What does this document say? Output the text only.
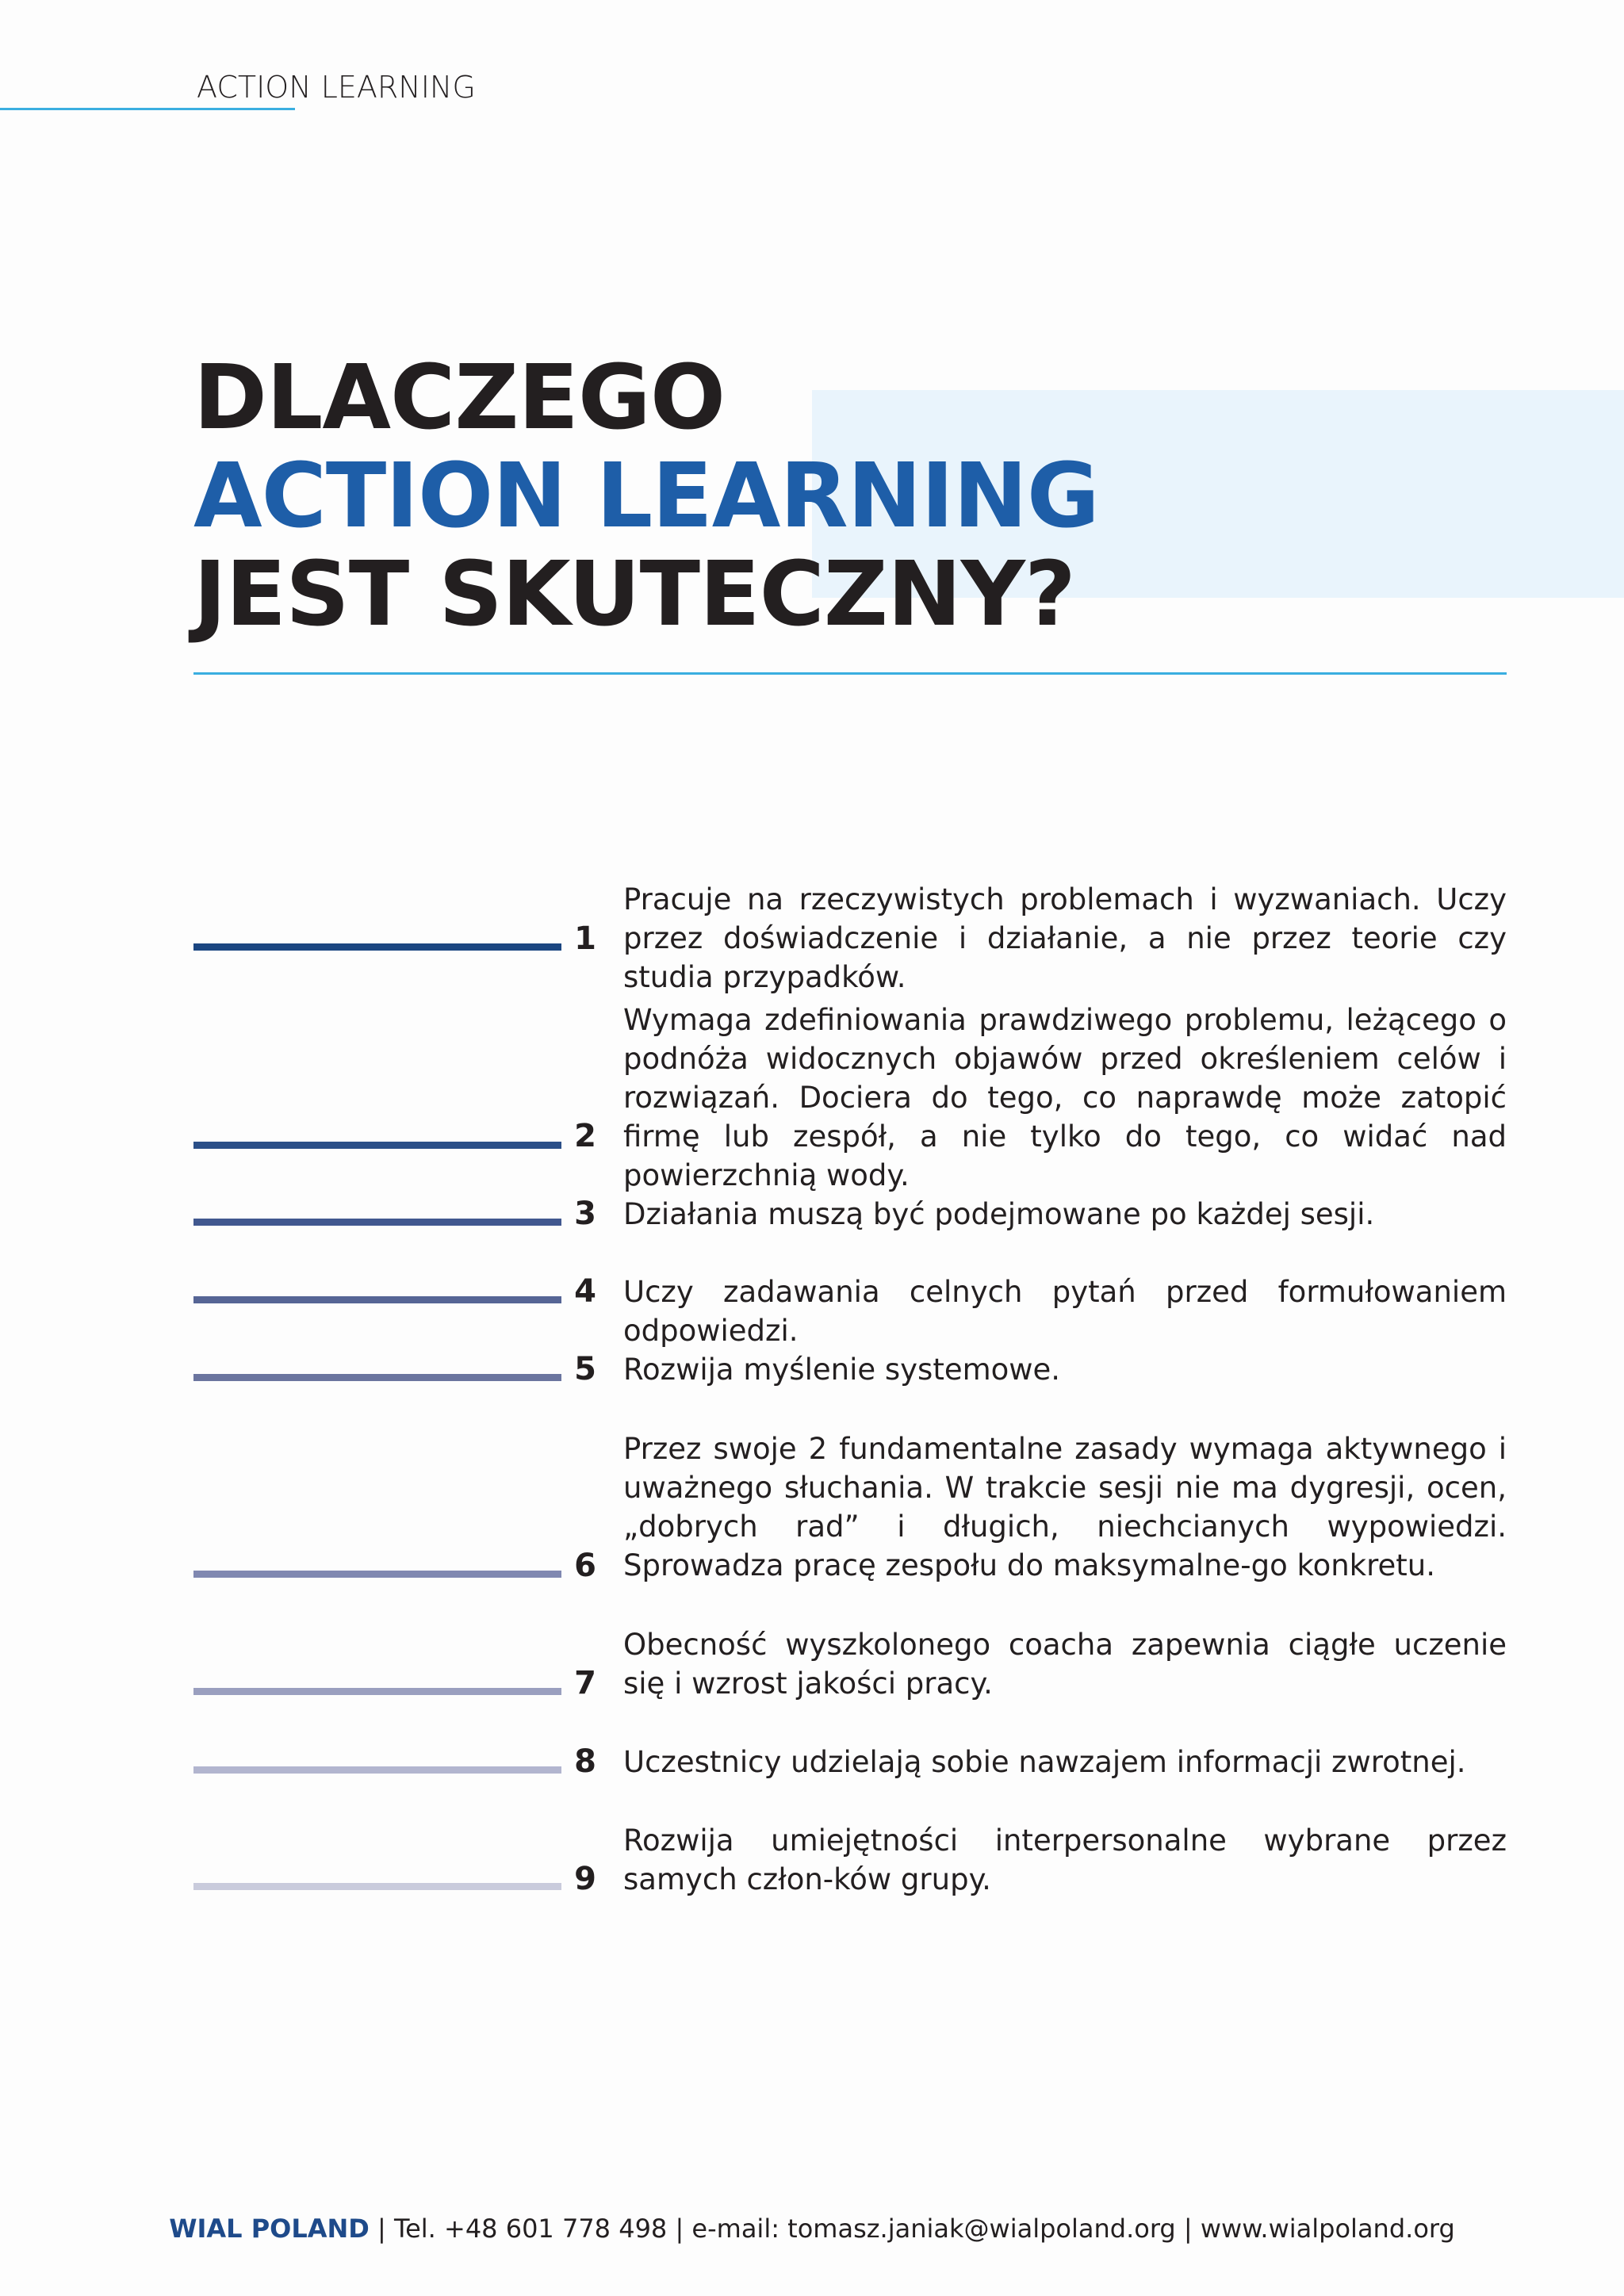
ACTION LEARNING
DLACZEGO
ACTION LEARNING
JEST SKUTECZNY?
Pracuje na rzeczywistych problemach i wyzwaniach. Uczy przez doświadczenie i działanie, a nie przez teorie czy studia przypadków.
1
Wymaga zdefiniowania prawdziwego problemu, leżącego o podnóża widocznych objawów przed określeniem celów i rozwiązań. Dociera do tego, co naprawdę może zatopić firmę lub zespół, a nie tylko do tego, co widać nad powierzchnią wody.
2
Działania muszą być podejmowane po każdej sesji.
3
Uczy zadawania celnych pytań przed formułowaniem odpowiedzi.
4
Rozwija myślenie systemowe.
5
Przez swoje 2 fundamentalne zasady wymaga aktywnego i uważnego słuchania. W trakcie sesji nie ma dygresji, ocen, „dobrych rad” i długich, niechcianych wypowiedzi. Sprowadza pracę zespołu do maksymalne-go konkretu.
6
Obecność wyszkolonego coacha zapewnia ciągłe uczenie się i wzrost jakości pracy.
7
Uczestnicy udzielają sobie nawzajem informacji zwrotnej.
8
Rozwija umiejętności interpersonalne wybrane przez samych człon-ków grupy.
9
WIAL POLAND | Tel. +48 601 778 498 | e-mail: tomasz.janiak@wialpoland.org | www.wialpoland.org
